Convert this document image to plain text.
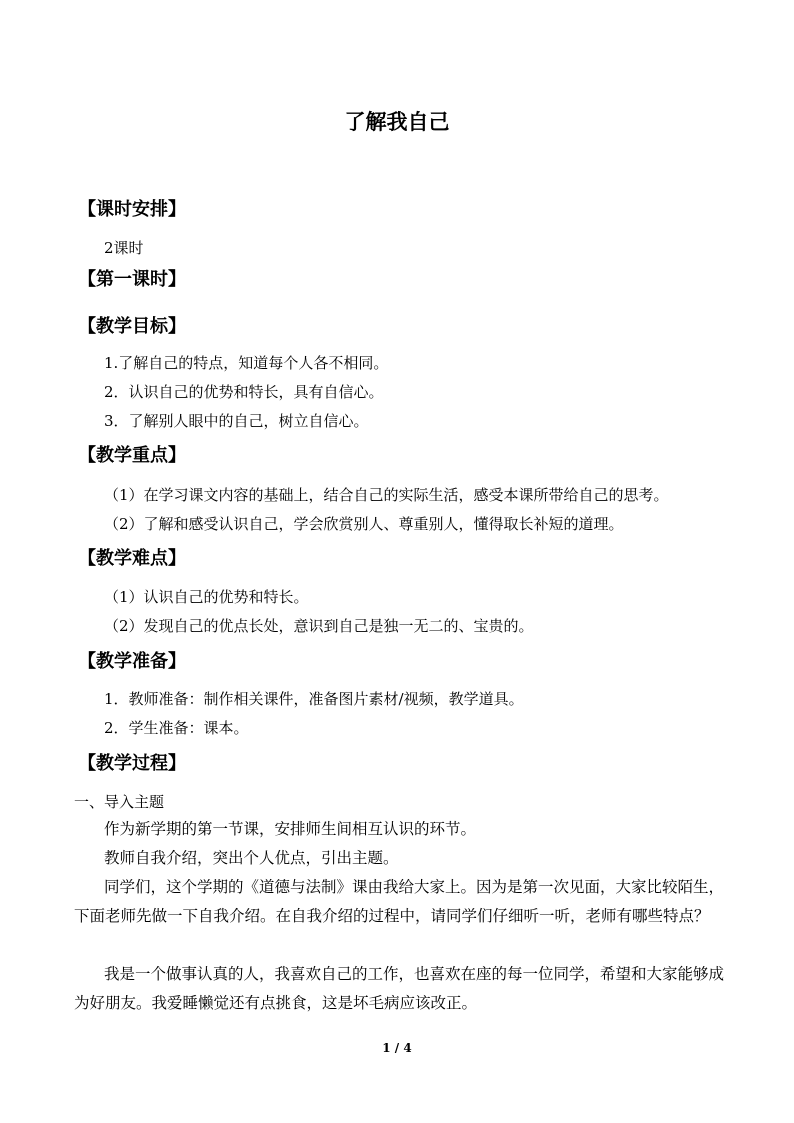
了解我自己
【课时安排】
2课时
【第一课时】
【教学目标】
1.了解自己的特点，知道每个人各不相同。
2．认识自己的优势和特长，具有自信心。
3．了解别人眼中的自己，树立自信心。
【教学重点】
（1）在学习课文内容的基础上，结合自己的实际生活，感受本课所带给自己的思考。
（2）了解和感受认识自己，学会欣赏别人、尊重别人，懂得取长补短的道理。
【教学难点】
（1）认识自己的优势和特长。
（2）发现自己的优点长处，意识到自己是独一无二的、宝贵的。
【教学准备】
1．教师准备：制作相关课件，准备图片素材/视频，教学道具。
2．学生准备：课本。
【教学过程】
一、导入主题
作为新学期的第一节课，安排师生间相互认识的环节。
教师自我介绍，突出个人优点，引出主题。
同学们，这个学期的《道德与法制》课由我给大家上。因为是第一次见面，大家比较陌生，下面老师先做一下自我介绍。在自我介绍的过程中，请同学们仔细听一听，老师有哪些特点？
我是一个做事认真的人，我喜欢自己的工作，也喜欢在座的每一位同学，希望和大家能够成为好朋友。我爱睡懒觉还有点挑食，这是坏毛病应该改正。
1 / 4
